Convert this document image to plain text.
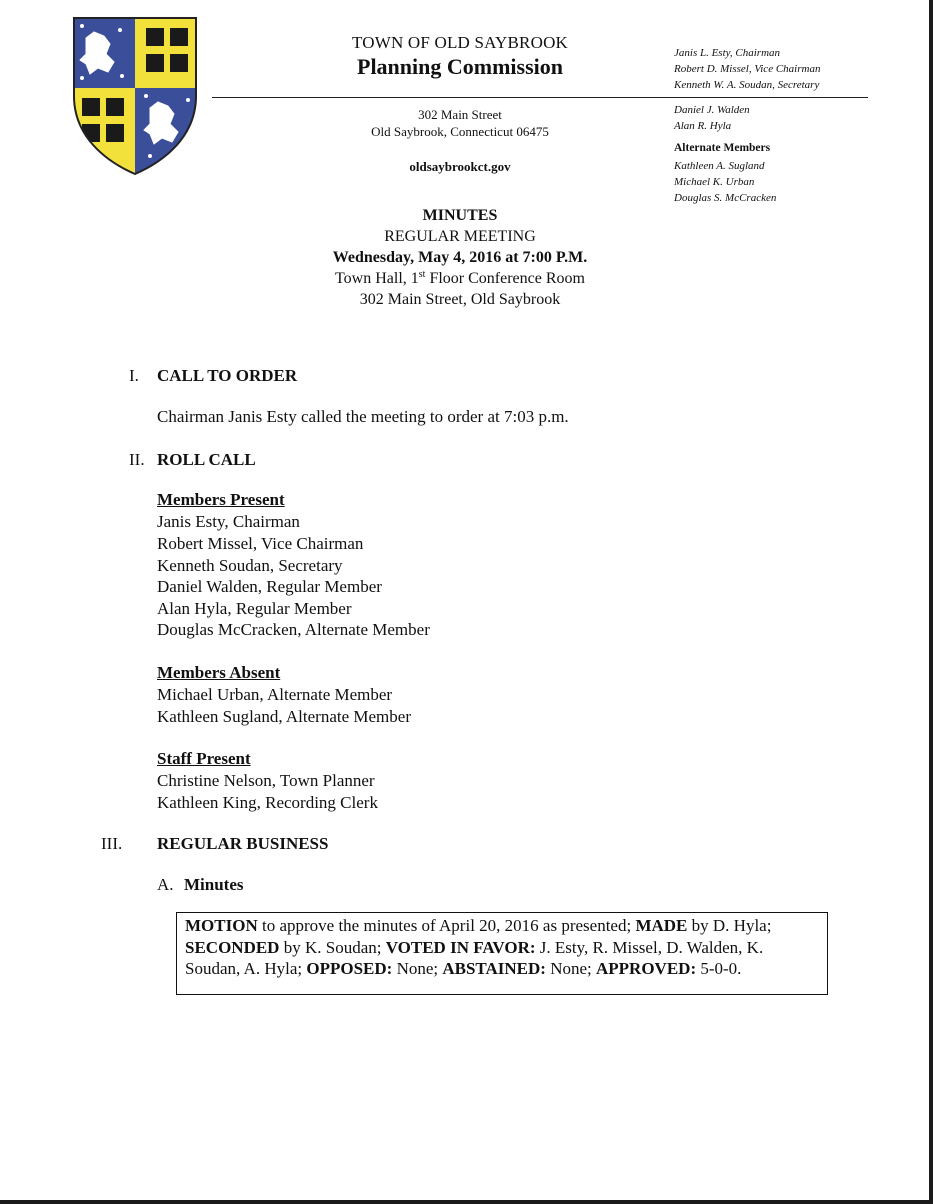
TOWN OF OLD SAYBROOK
Planning Commission
302 Main Street
Old Saybrook, Connecticut 06475
oldsaybrookct.gov
Janis L. Esty, Chairman
Robert D. Missel, Vice Chairman
Kenneth W. A. Soudan, Secretary
Daniel J. Walden
Alan R. Hyla
Alternate Members
Kathleen A. Sugland
Michael K. Urban
Douglas S. McCracken
MINUTES
REGULAR MEETING
Wednesday, May 4, 2016 at 7:00 P.M.
Town Hall, 1st Floor Conference Room
302 Main Street, Old Saybrook
I. CALL TO ORDER
Chairman Janis Esty called the meeting to order at 7:03 p.m.
II. ROLL CALL
Members Present
Janis Esty, Chairman
Robert Missel, Vice Chairman
Kenneth Soudan, Secretary
Daniel Walden, Regular Member
Alan Hyla, Regular Member
Douglas McCracken, Alternate Member
Members Absent
Michael Urban, Alternate Member
Kathleen Sugland, Alternate Member
Staff Present
Christine Nelson, Town Planner
Kathleen King, Recording Clerk
III. REGULAR BUSINESS
A. Minutes
MOTION to approve the minutes of April 20, 2016 as presented; MADE by D. Hyla; SECONDED by K. Soudan; VOTED IN FAVOR: J. Esty, R. Missel, D. Walden, K. Soudan, A. Hyla; OPPOSED: None; ABSTAINED: None; APPROVED: 5-0-0.
